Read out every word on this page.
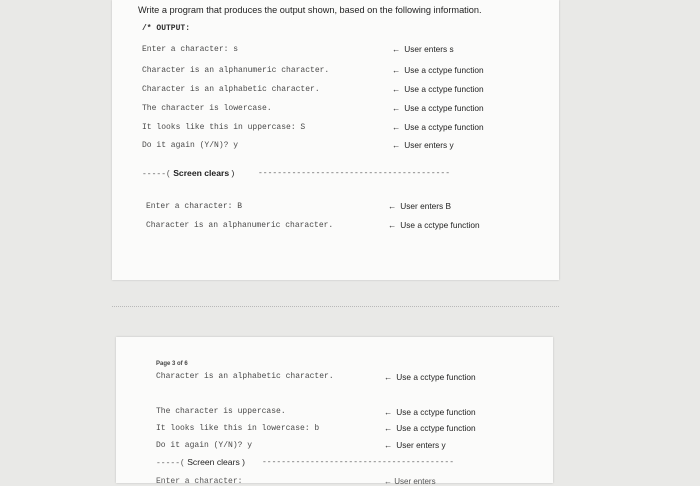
Write a program that produces the output shown, based on the following information.
/* OUTPUT:
Enter a character: s	← User enters s
Character is an alphanumeric character.	← Use a cctype function
Character is an alphabetic character.	← Use a cctype function
The character is lowercase.	← Use a cctype function
It looks like this in uppercase: S	← Use a cctype function
Do it again (Y/N)? y	← User enters y
-----( Screen clears )	----------------------------------------
Enter a character: B	← User enters B
Character is an alphanumeric character.	← Use a cctype function
Page 3 of 6
Character is an alphabetic character.	← Use a cctype function
The character is uppercase.	← Use a cctype function
It looks like this in lowercase: b	← Use a cctype function
Do it again (Y/N)? y	← User enters y
-----( Screen clears ) ----------------------------------------
Enter a character:	← User enters
